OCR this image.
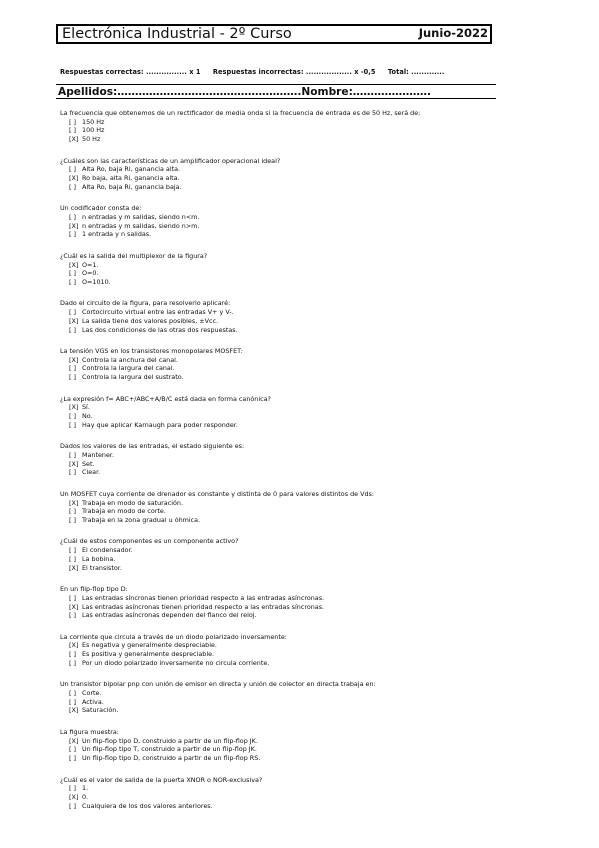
Electrónica Industrial - 2º Curso	Junio-2022
Respuestas correctas: ................ x 1 Respuestas incorrectas: .................. x -0,5 Total: .............
Apellidos:……………………………………………. Nombre:………………….
La frecuencia que obtenemos de un rectificador de media onda si la frecuencia de entrada es de 50 Hz, será de:
[ ] 150 Hz
[ ] 100 Hz
[X] 50 Hz
¿Cuáles son las características de un amplificador operacional ideal?
[ ] Alta Ro, baja Ri, ganancia alta.
[X] Ro baja, alta Ri, ganancia alta.
[ ] Alta Ro, baja Ri, ganancia baja.
Un codificador consta de:
[ ] n entradas y m salidas, siendo n<m.
[X] n entradas y m salidas, siendo n>m.
[ ] 1 entrada y n salidas.
¿Cuál es la salida del multiplexor de la figura?
[X] O=1.
[ ] O=0.
[ ] O=1010.
Dado el circuito de la figura, para resolverlo aplicaré:
[ ] Cortocircuito virtual entre las entradas V+ y V-.
[X] La salida tiene dos valores posibles, ±Vcc.
[ ] Las dos condiciones de las otras dos respuestas.
La tensión VGS en los transistores monopolares MOSFET:
[X] Controla la anchura del canal.
[ ] Controla la largura del canal.
[ ] Controla la largura del sustrato.
¿La expresión f= ABC+/ABC+A/B/C está dada en forma canónica?
[X] Sí.
[ ] No.
[ ] Hay que aplicar Karnaugh para poder responder.
Dados los valores de las entradas, el estado siguiente es:
[ ] Mantener.
[X] Set.
[ ] Clear.
Un MOSFET cuya corriente de drenador es constante y distinta de 0 para valores distintos de Vds:
[X] Trabaja en modo de saturación.
[ ] Trabaja en modo de corte.
[ ] Trabaja en la zona gradual u óhmica.
¿Cuál de estos componentes es un componente activo?
[ ] El condensador.
[ ] La bobina.
[X] El transistor.
En un flip-flop tipo D:
[ ] Las entradas síncronas tienen prioridad respecto a las entradas asíncronas.
[X] Las entradas asíncronas tienen prioridad respecto a las entradas síncronas.
[ ] Las entradas asíncronas dependen del flanco del reloj.
La corriente que circula a través de un diodo polarizado inversamente:
[X] Es negativa y generalmente despreciable.
[ ] Es positiva y generalmente despreciable.
[ ] Por un diodo polarizado inversamente no circula corriente.
Un transistor bipolar pnp con unión de emisor en directa y unión de colector en directa trabaja en:
[ ] Corte.
[ ] Activa.
[X] Saturación.
La figura muestra:
[X] Un flip-flop tipo D, construido a partir de un flip-flop JK.
[ ] Un flip-flop tipo T, construido a partir de un flip-flop JK.
[ ] Un flip-flop tipo D, construido a partir de un flip-flop RS.
¿Cuál es el valor de salida de la puerta XNOR o NOR-exclusiva?
[ ] 1.
[X] 0.
[ ] Cualquiera de los dos valores anteriores.
